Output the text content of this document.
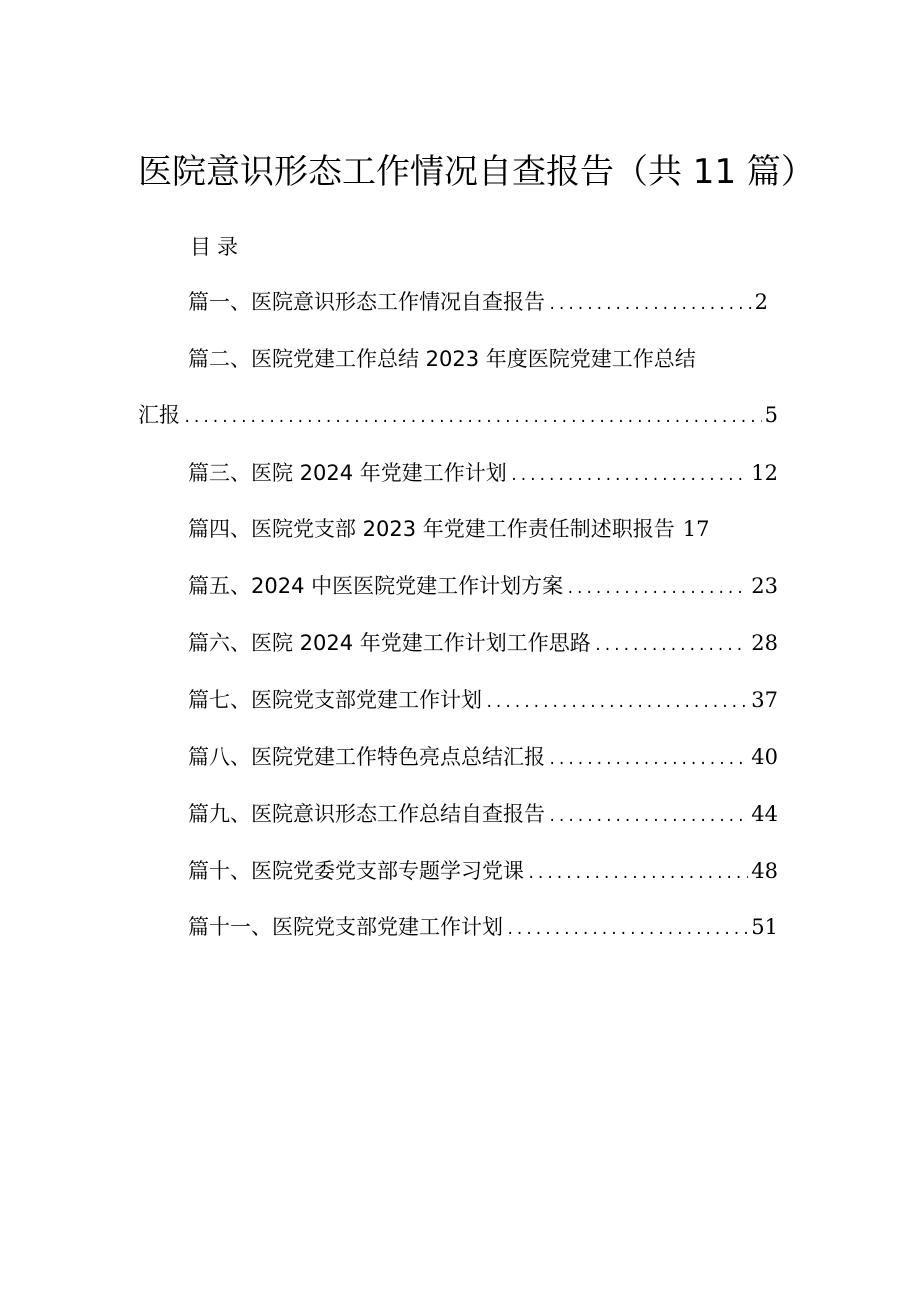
医院意识形态工作情况自查报告（共 11 篇）
目录
篇一、医院意识形态工作情况自查报告 .....	2
篇二、医院党建工作总结 2023 年度医院党建工作总结
汇报 .....	5
篇三、医院 2024 年党建工作计划 .....	12
篇四、医院党支部 2023 年党建工作责任制述职报告 17
篇五、2024 中医医院党建工作计划方案 .....	23
篇六、医院 2024 年党建工作计划工作思路 .....	28
篇七、医院党支部党建工作计划 .....	37
篇八、医院党建工作特色亮点总结汇报 .....	40
篇九、医院意识形态工作总结自查报告 .....	44
篇十、医院党委党支部专题学习党课 .....	48
篇十一、医院党支部党建工作计划 .....	51
